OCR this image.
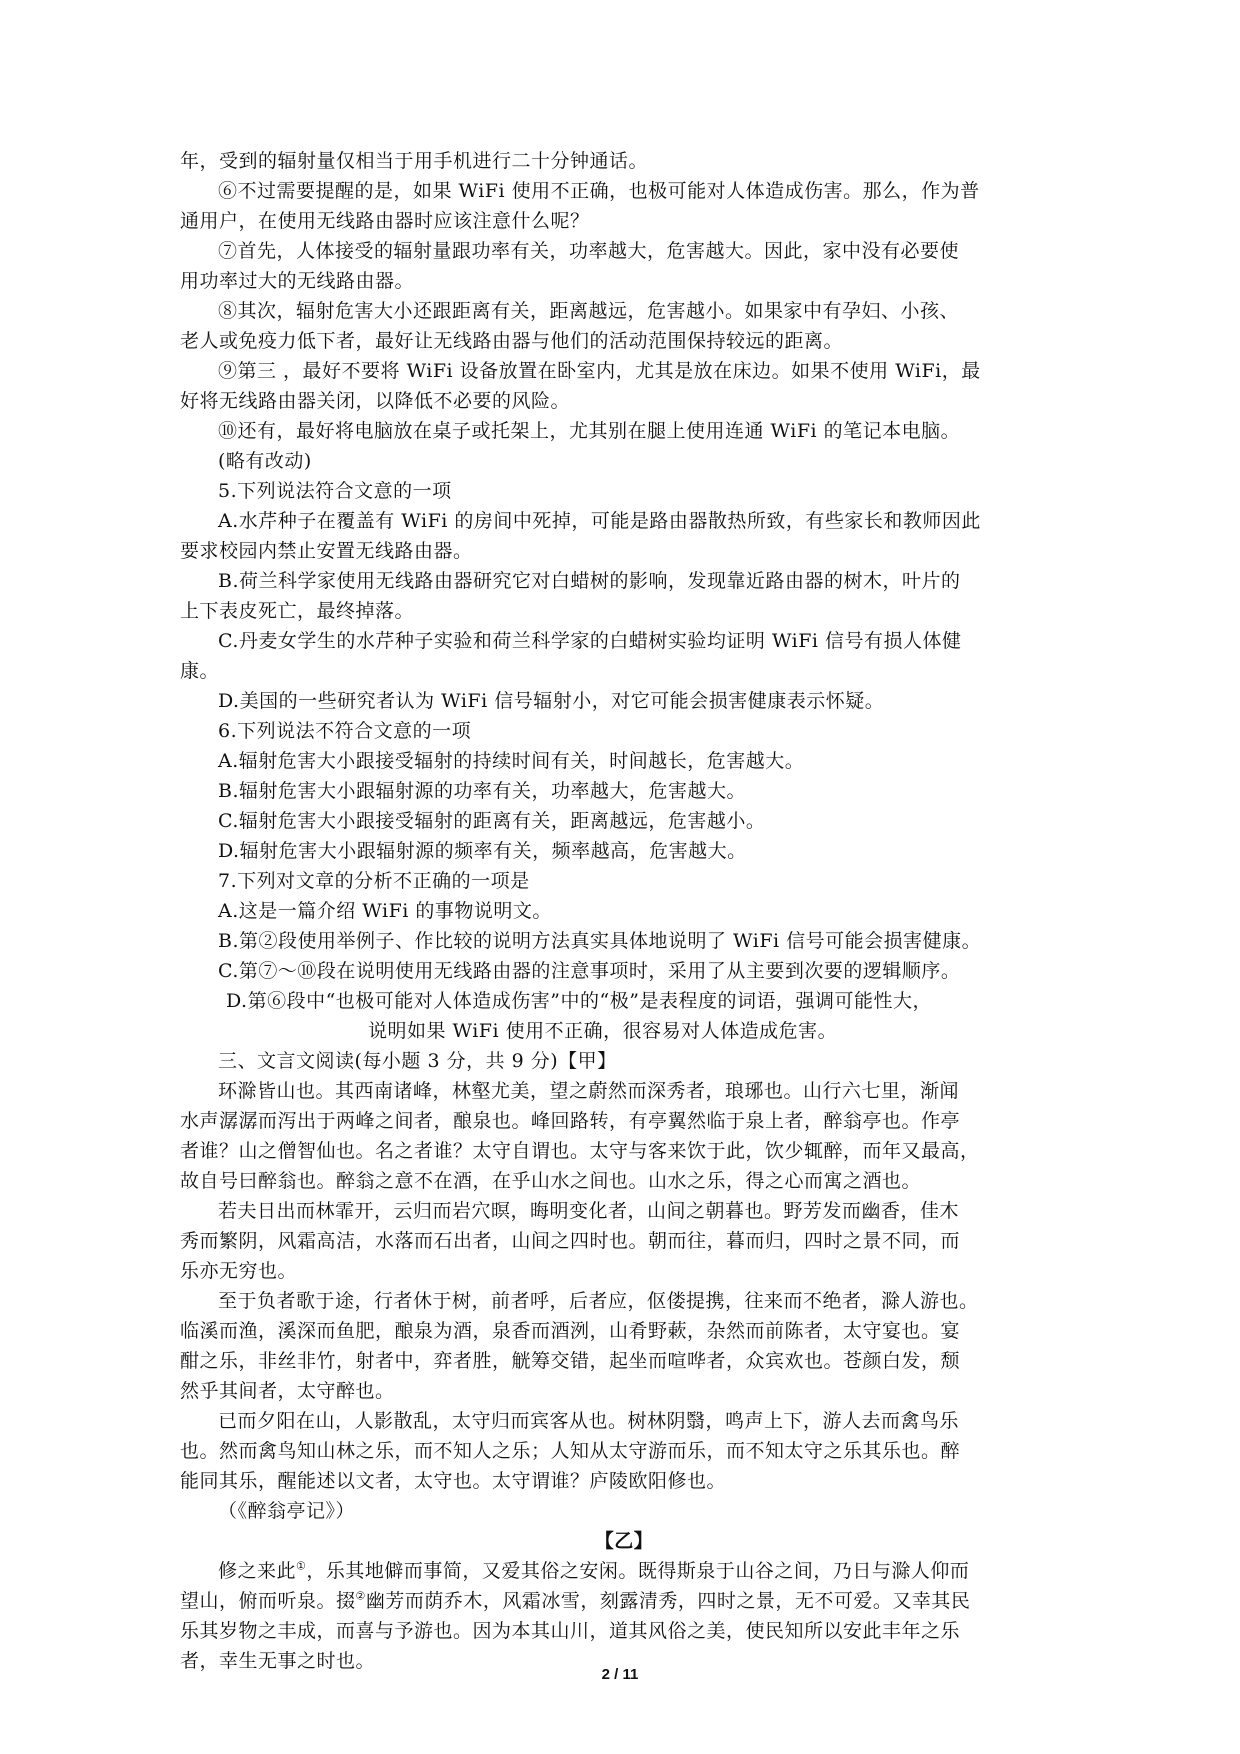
年，受到的辐射量仅相当于用手机进行二十分钟通话。
⑥不过需要提醒的是，如果 WiFi 使用不正确，也极可能对人体造成伤害。那么，作为普
通用户，在使用无线路由器时应该注意什么呢？
⑦首先，人体接受的辐射量跟功率有关，功率越大，危害越大。因此，家中没有必要使
用功率过大的无线路由器。
⑧其次，辐射危害大小还跟距离有关，距离越远，危害越小。如果家中有孕妇、小孩、
老人或免疫力低下者，最好让无线路由器与他们的活动范围保持较远的距离。
⑨第三 ，最好不要将 WiFi 设备放置在卧室内，尤其是放在床边。如果不使用 WiFi，最
好将无线路由器关闭，以降低不必要的风险。
⑩还有，最好将电脑放在桌子或托架上，尤其别在腿上使用连通 WiFi 的笔记本电脑。
(略有改动)
5.下列说法符合文意的一项
A.水芹种子在覆盖有 WiFi 的房间中死掉，可能是路由器散热所致，有些家长和教师因此
要求校园内禁止安置无线路由器。
B.荷兰科学家使用无线路由器研究它对白蜡树的影响，发现靠近路由器的树木，叶片的
上下表皮死亡，最终掉落。
C.丹麦女学生的水芹种子实验和荷兰科学家的白蜡树实验均证明 WiFi 信号有损人体健
康。
D.美国的一些研究者认为 WiFi 信号辐射小，对它可能会损害健康表示怀疑。
6.下列说法不符合文意的一项
A.辐射危害大小跟接受辐射的持续时间有关，时间越长，危害越大。
B.辐射危害大小跟辐射源的功率有关，功率越大，危害越大。
C.辐射危害大小跟接受辐射的距离有关，距离越远，危害越小。
D.辐射危害大小跟辐射源的频率有关，频率越高，危害越大。
7.下列对文章的分析不正确的一项是
A.这是一篇介绍 WiFi 的事物说明文。
B.第②段使用举例子、作比较的说明方法真实具体地说明了 WiFi 信号可能会损害健康。
C.第⑦～⑩段在说明使用无线路由器的注意事项时，采用了从主要到次要的逻辑顺序。
D.第⑥段中“也极可能对人体造成伤害”中的“极”是表程度的词语，强调可能性大，
说明如果 WiFi 使用不正确，很容易对人体造成危害。
三、文言文阅读(每小题 3 分，共 9 分)【甲】
环滁皆山也。其西南诸峰，林壑尤美，望之蔚然而深秀者，琅琊也。山行六七里，渐闻
水声潺潺而泻出于两峰之间者，酿泉也。峰回路转，有亭翼然临于泉上者，醉翁亭也。作亭
者谁？山之僧智仙也。名之者谁？太守自谓也。太守与客来饮于此，饮少辄醉，而年又最高，
故自号曰醉翁也。醉翁之意不在酒，在乎山水之间也。山水之乐，得之心而寓之酒也。
若夫日出而林霏开，云归而岩穴暝，晦明变化者，山间之朝暮也。野芳发而幽香，佳木
秀而繁阴，风霜高洁，水落而石出者，山间之四时也。朝而往，暮而归，四时之景不同，而
乐亦无穷也。
至于负者歌于途，行者休于树，前者呼，后者应，伛偻提携，往来而不绝者，滁人游也。
临溪而渔，溪深而鱼肥，酿泉为酒，泉香而酒洌，山肴野蔌，杂然而前陈者，太守宴也。宴
酣之乐，非丝非竹，射者中，弈者胜，觥筹交错，起坐而喧哗者，众宾欢也。苍颜白发，颓
然乎其间者，太守醉也。
已而夕阳在山，人影散乱，太守归而宾客从也。树林阴翳，鸣声上下，游人去而禽鸟乐
也。然而禽鸟知山林之乐，而不知人之乐；人知从太守游而乐，而不知太守之乐其乐也。醉
能同其乐，醒能述以文者，太守也。太守谓谁？庐陵欧阳修也。
（《醉翁亭记》）
【乙】
修之来此①，乐其地僻而事简，又爱其俗之安闲。既得斯泉于山谷之间，乃日与滁人仰而
望山，俯而听泉。掇②幽芳而荫乔木，风霜冰雪，刻露清秀，四时之景，无不可爱。又幸其民
乐其岁物之丰成，而喜与予游也。因为本其山川，道其风俗之美，使民知所以安此丰年之乐
者，幸生无事之时也。
2 / 11
